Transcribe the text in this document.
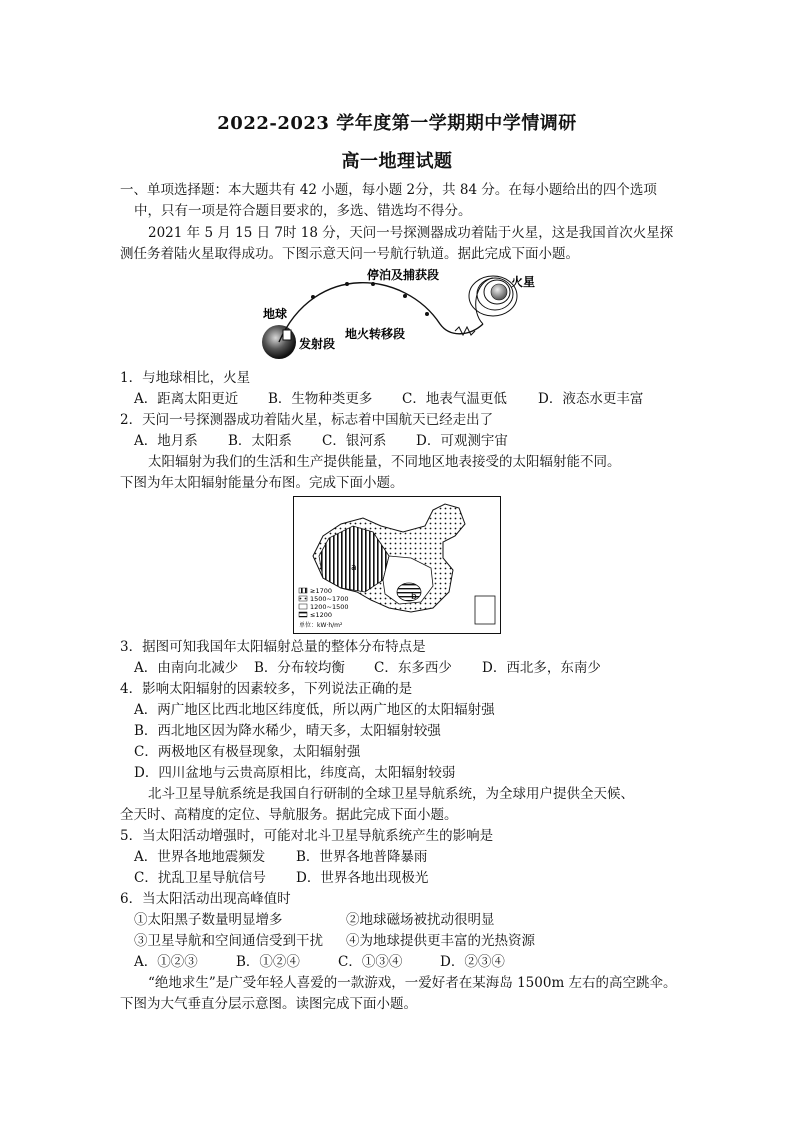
2022-2023 学年度第一学期期中学情调研
高一地理试题
一、单项选择题：本大题共有 42 小题，每小题 2分，共 84 分。在每小题给出的四个选项
中，只有一项是符合题目要求的，多选、错选均不得分。
2021 年 5 月 15 日 7时 18 分，天问一号探测器成功着陆于火星，这是我国首次火星探
测任务着陆火星取得成功。下图示意天问一号航行轨道。据此完成下面小题。
地球
发射段
地火转移段
停泊及捕获段	火星
1．与地球相比，火星
A．距离太阳更近 B．生物种类更多 C．地表气温更低 D．液态水更丰富
2．天问一号探测器成功着陆火星，标志着中国航天已经走出了
A．地月系 B．太阳系 C．银河系 D．可观测宇宙
太阳辐射为我们的生活和生产提供能量，不同地区地表接受的太阳辐射能不同。
下图为年太阳辐射能量分布图。完成下面小题。
a
b
≥1700
1500~1700
1200~1500
≤1200
单位：kW·h/m²
3．据图可知我国年太阳辐射总量的整体分布特点是
A．由南向北减少 B．分布较均衡 C．东多西少 D．西北多，东南少
4．影响太阳辐射的因素较多，下列说法正确的是
A．两广地区比西北地区纬度低，所以两广地区的太阳辐射强
B．西北地区因为降水稀少，晴天多，太阳辐射较强
C．两极地区有极昼现象，太阳辐射强
D．四川盆地与云贵高原相比，纬度高，太阳辐射较弱
北斗卫星导航系统是我国自行研制的全球卫星导航系统，为全球用户提供全天候、
全天时、高精度的定位、导航服务。据此完成下面小题。
5．当太阳活动增强时，可能对北斗卫星导航系统产生的影响是
A．世界各地地震频发 B．世界各地普降暴雨
C．扰乱卫星导航信号 D．世界各地出现极光
6．当太阳活动出现高峰值时
①太阳黑子数量明显增多	②地球磁场被扰动很明显
③卫星导航和空间通信受到干扰 ④为地球提供更丰富的光热资源
A．①②③	B．①②④	C．①③④	D．②③④
“绝地求生”是广受年轻人喜爱的一款游戏，一爱好者在某海岛 1500m 左右的高空跳伞。
下图为大气垂直分层示意图。读图完成下面小题。
